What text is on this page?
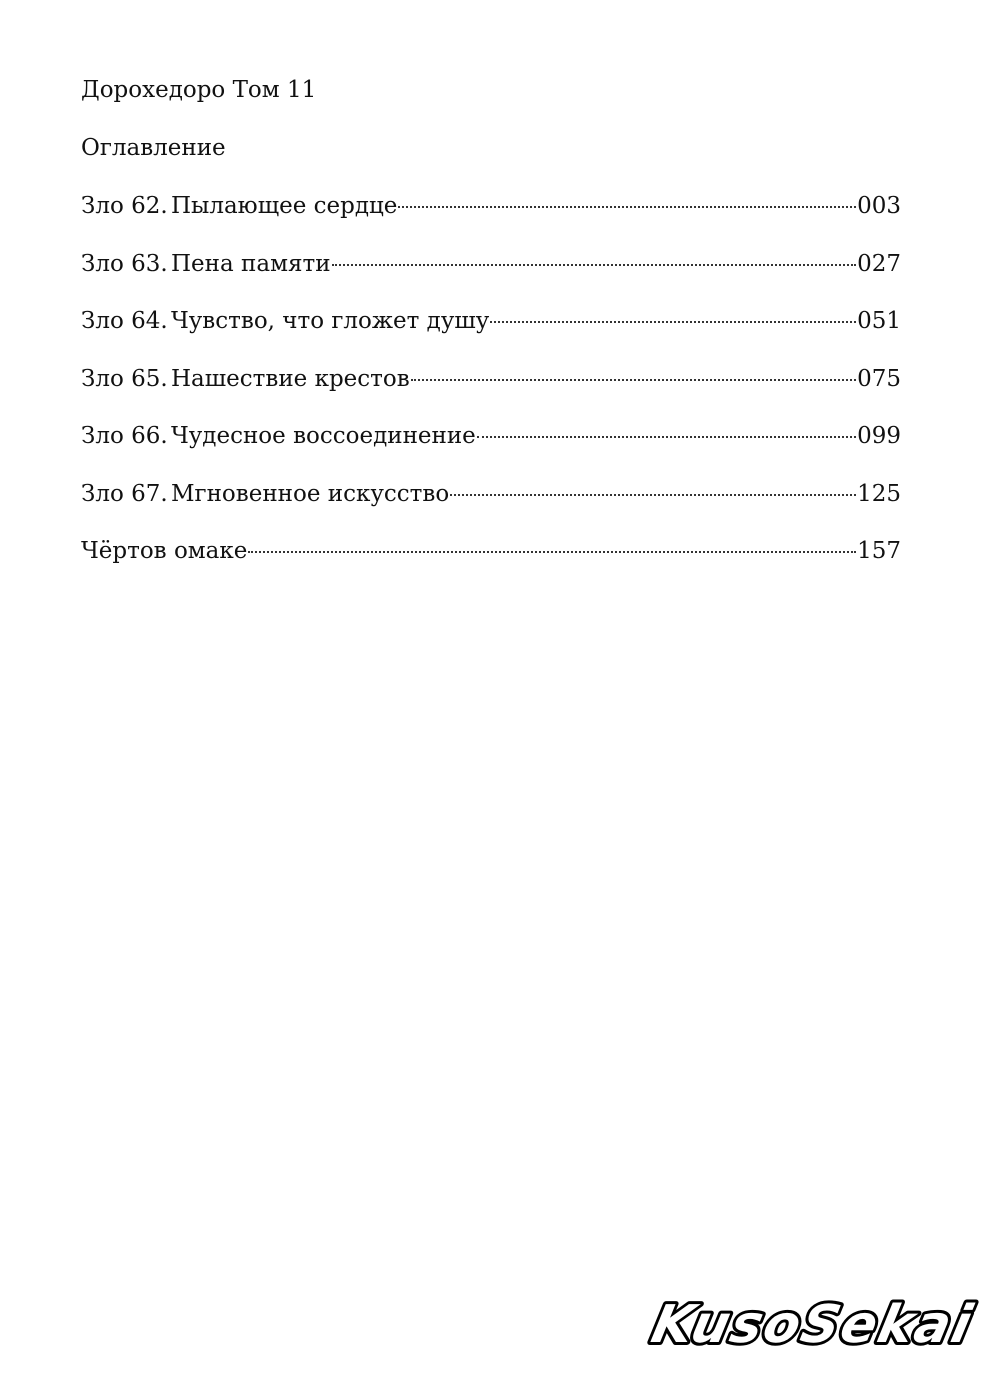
Дорохедоро Том 11
Оглавление
Зло 62. Пылающее сердце	003
Зло 63. Пена памяти	027
Зло 64. Чувство, что гложет душу	051
Зло 65. Нашествие крестов	075
Зло 66. Чудесное воссоединение	099
Зло 67. Мгновенное искусство	125
Чёртов омаке	157
KusoSekai
